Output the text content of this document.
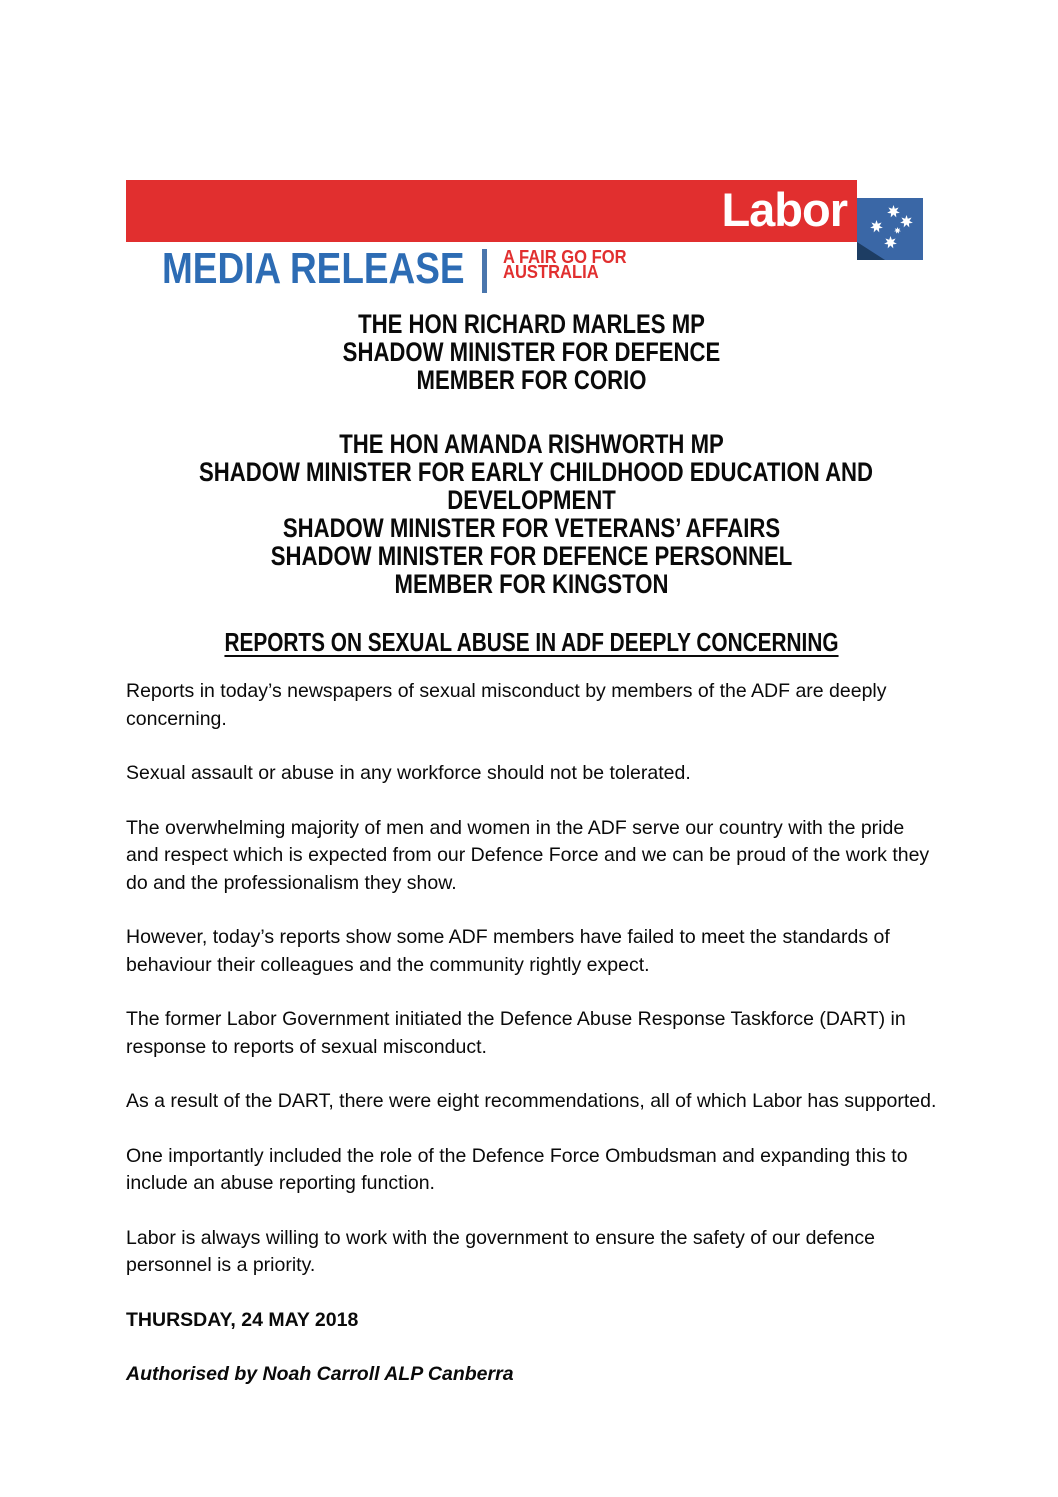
Labor
MEDIA RELEASE A FAIR GO FOR
AUSTRALIA
THE HON RICHARD MARLES MP
SHADOW MINISTER FOR DEFENCE
MEMBER FOR CORIO
THE HON AMANDA RISHWORTH MP
SHADOW MINISTER FOR EARLY CHILDHOOD EDUCATION AND
DEVELOPMENT
SHADOW MINISTER FOR VETERANS’ AFFAIRS
SHADOW MINISTER FOR DEFENCE PERSONNEL
MEMBER FOR KINGSTON
REPORTS ON SEXUAL ABUSE IN ADF DEEPLY CONCERNING

Reports in today’s newspapers of sexual misconduct by members of the ADF are deeply concerning.

Sexual assault or abuse in any workforce should not be tolerated.

The overwhelming majority of men and women in the ADF serve our country with the pride and respect which is expected from our Defence Force and we can be proud of the work they do and the professionalism they show.

However, today’s reports show some ADF members have failed to meet the standards of behaviour their colleagues and the community rightly expect.

The former Labor Government initiated the Defence Abuse Response Taskforce (DART) in response to reports of sexual misconduct.

As a result of the DART, there were eight recommendations, all of which Labor has supported.

One importantly included the role of the Defence Force Ombudsman and expanding this to include an abuse reporting function.

Labor is always willing to work with the government to ensure the safety of our defence personnel is a priority.

THURSDAY, 24 MAY 2018

Authorised by Noah Carroll ALP Canberra
